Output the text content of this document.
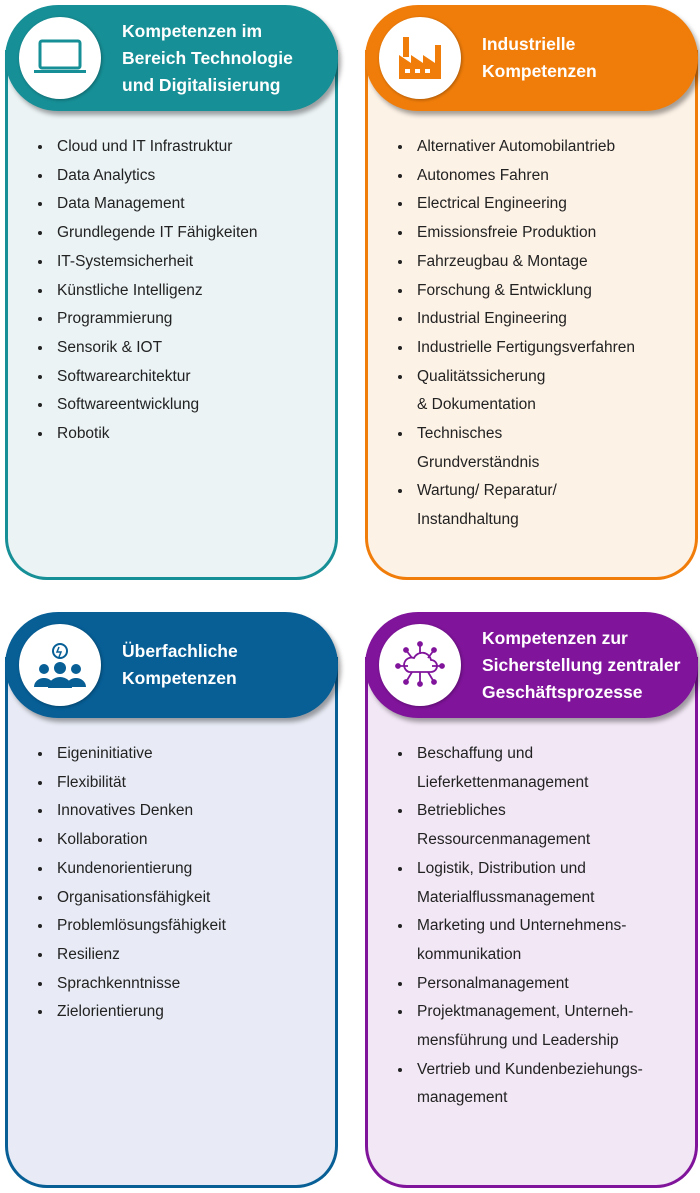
Kompetenzen im
Bereich Technologie
und Digitalisierung
• Cloud und IT Infrastruktur
• Data Analytics
• Data Management
• Grundlegende IT Fähigkeiten
• IT-Systemsicherheit
• Künstliche Intelligenz
• Programmierung
• Sensorik & IOT
• Softwarearchitektur
• Softwareentwicklung
• Robotik
Industrielle
Kompetenzen
• Alternativer Automobilantrieb
• Autonomes Fahren
• Electrical Engineering
• Emissionsfreie Produktion
• Fahrzeugbau & Montage
• Forschung & Entwicklung
• Industrial Engineering
• Industrielle Fertigungsverfahren
• Qualitätssicherung
& Dokumentation
• Technisches
Grundverständnis
• Wartung/ Reparatur/
Instandhaltung
Überfachliche
Kompetenzen
• Eigeninitiative
• Flexibilität
• Innovatives Denken
• Kollaboration
• Kundenorientierung
• Organisationsfähigkeit
• Problemlösungsfähigkeit
• Resilienz
• Sprachkenntnisse
• Zielorientierung
Kompetenzen zur
Sicherstellung zentraler
Geschäftsprozesse
• Beschaffung und
Lieferkettenmanagement
• Betriebliches
Ressourcenmanagement
• Logistik, Distribution und
Materialflussmanagement
• Marketing und Unternehmens-
kommunikation
• Personalmanagement
• Projektmanagement, Unterneh-
mensführung und Leadership
• Vertrieb und Kundenbeziehungs-
management
